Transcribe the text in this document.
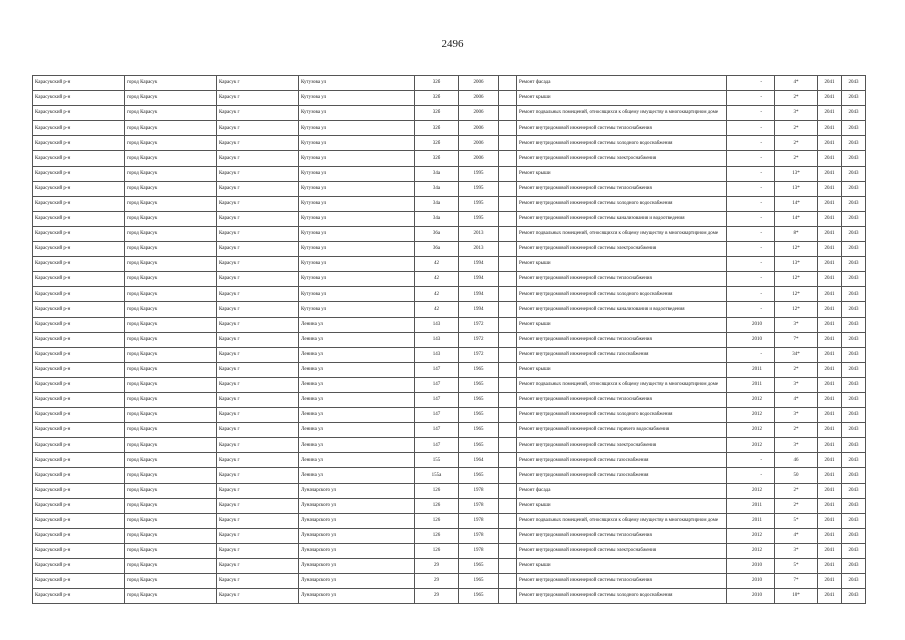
2496
Карасукский р-н	город Карасук	Карасук г	Кутузова ул	32б	2006		Ремонт фасада	-	4*	2041	2043
Карасукский р-н	город Карасук	Карасук г	Кутузова ул	32б	2006		Ремонт крыши	-	2*	2041	2043
Карасукский р-н	город Карасук	Карасук г	Кутузова ул	32б	2006		Ремонт подвальных помещений, относящихся к общему имуществу в многоквартирном доме	-	3*	2041	2043
Карасукский р-н	город Карасук	Карасук г	Кутузова ул	32б	2006		Ремонт внутридомовой инженерной системы теплоснабжения	-	2*	2041	2043
Карасукский р-н	город Карасук	Карасук г	Кутузова ул	32б	2006		Ремонт внутридомовой инженерной системы холодного водоснабжения	-	2*	2041	2043
Карасукский р-н	город Карасук	Карасук г	Кутузова ул	32б	2006		Ремонт внутридомовой инженерной системы электроснабжения	-	2*	2041	2043
Карасукский р-н	город Карасук	Карасук г	Кутузова ул	34а	1995		Ремонт крыши	-	13*	2041	2043
Карасукский р-н	город Карасук	Карасук г	Кутузова ул	34а	1995		Ремонт внутридомовой инженерной системы теплоснабжения	-	13*	2041	2043
Карасукский р-н	город Карасук	Карасук г	Кутузова ул	34а	1995		Ремонт внутридомовой инженерной системы холодного водоснабжения	-	14*	2041	2043
Карасукский р-н	город Карасук	Карасук г	Кутузова ул	34а	1995		Ремонт внутридомовой инженерной системы канализования и водоотведения	-	14*	2041	2043
Карасукский р-н	город Карасук	Карасук г	Кутузова ул	36а	2013		Ремонт подвальных помещений, относящихся к общему имуществу в многоквартирном доме	-	8*	2041	2043
Карасукский р-н	город Карасук	Карасук г	Кутузова ул	36а	2013		Ремонт внутридомовой инженерной системы электроснабжения	-	12*	2041	2043
Карасукский р-н	город Карасук	Карасук г	Кутузова ул	42	1994		Ремонт крыши	-	13*	2041	2043
Карасукский р-н	город Карасук	Карасук г	Кутузова ул	42	1994		Ремонт внутридомовой инженерной системы теплоснабжения	-	12*	2041	2043
Карасукский р-н	город Карасук	Карасук г	Кутузова ул	42	1994		Ремонт внутридомовой инженерной системы холодного водоснабжения	-	12*	2041	2043
Карасукский р-н	город Карасук	Карасук г	Кутузова ул	42	1994		Ремонт внутридомовой инженерной системы канализования и водоотведения	-	12*	2041	2043
Карасукский р-н	город Карасук	Карасук г	Ленина ул	143	1972		Ремонт крыши	2010	3*	2041	2043
Карасукский р-н	город Карасук	Карасук г	Ленина ул	143	1972		Ремонт внутридомовой инженерной системы теплоснабжения	2010	7*	2041	2043
Карасукский р-н	город Карасук	Карасук г	Ленина ул	143	1972		Ремонт внутридомовой инженерной системы газоснабжения	-	34*	2041	2043
Карасукский р-н	город Карасук	Карасук г	Ленина ул	147	1965		Ремонт крыши	2011	2*	2041	2043
Карасукский р-н	город Карасук	Карасук г	Ленина ул	147	1965		Ремонт подвальных помещений, относящихся к общему имуществу в многоквартирном доме	2011	3*	2041	2043
Карасукский р-н	город Карасук	Карасук г	Ленина ул	147	1965		Ремонт внутридомовой инженерной системы теплоснабжения	2012	4*	2041	2043
Карасукский р-н	город Карасук	Карасук г	Ленина ул	147	1965		Ремонт внутридомовой инженерной системы холодного водоснабжения	2012	3*	2041	2043
Карасукский р-н	город Карасук	Карасук г	Ленина ул	147	1965		Ремонт внутридомовой инженерной системы горячего водоснабжения	2012	2*	2041	2043
Карасукский р-н	город Карасук	Карасук г	Ленина ул	147	1965		Ремонт внутридомовой инженерной системы электроснабжения	2012	3*	2041	2043
Карасукский р-н	город Карасук	Карасук г	Ленина ул	155	1964		Ремонт внутридомовой инженерной системы газоснабжения	-	46	2041	2043
Карасукский р-н	город Карасук	Карасук г	Ленина ул	155а	1965		Ремонт внутридомовой инженерной системы газоснабжения	-	50	2041	2043
Карасукский р-н	город Карасук	Карасук г	Луначарского ул	126	1978		Ремонт фасада	2012	2*	2041	2043
Карасукский р-н	город Карасук	Карасук г	Луначарского ул	126	1978		Ремонт крыши	2011	2*	2041	2043
Карасукский р-н	город Карасук	Карасук г	Луначарского ул	126	1978		Ремонт подвальных помещений, относящихся к общему имуществу в многоквартирном доме	2011	5*	2041	2043
Карасукский р-н	город Карасук	Карасук г	Луначарского ул	126	1978		Ремонт внутридомовой инженерной системы теплоснабжения	2012	4*	2041	2043
Карасукский р-н	город Карасук	Карасук г	Луначарского ул	126	1978		Ремонт внутридомовой инженерной системы электроснабжения	2012	3*	2041	2043
Карасукский р-н	город Карасук	Карасук г	Луначарского ул	29	1965		Ремонт крыши	2010	5*	2041	2043
Карасукский р-н	город Карасук	Карасук г	Луначарского ул	29	1965		Ремонт внутридомовой инженерной системы теплоснабжения	2010	7*	2041	2043
Карасукский р-н	город Карасук	Карасук г	Луначарского ул	29	1965		Ремонт внутридомовой инженерной системы холодного водоснабжения	2010	10*	2041	2043
